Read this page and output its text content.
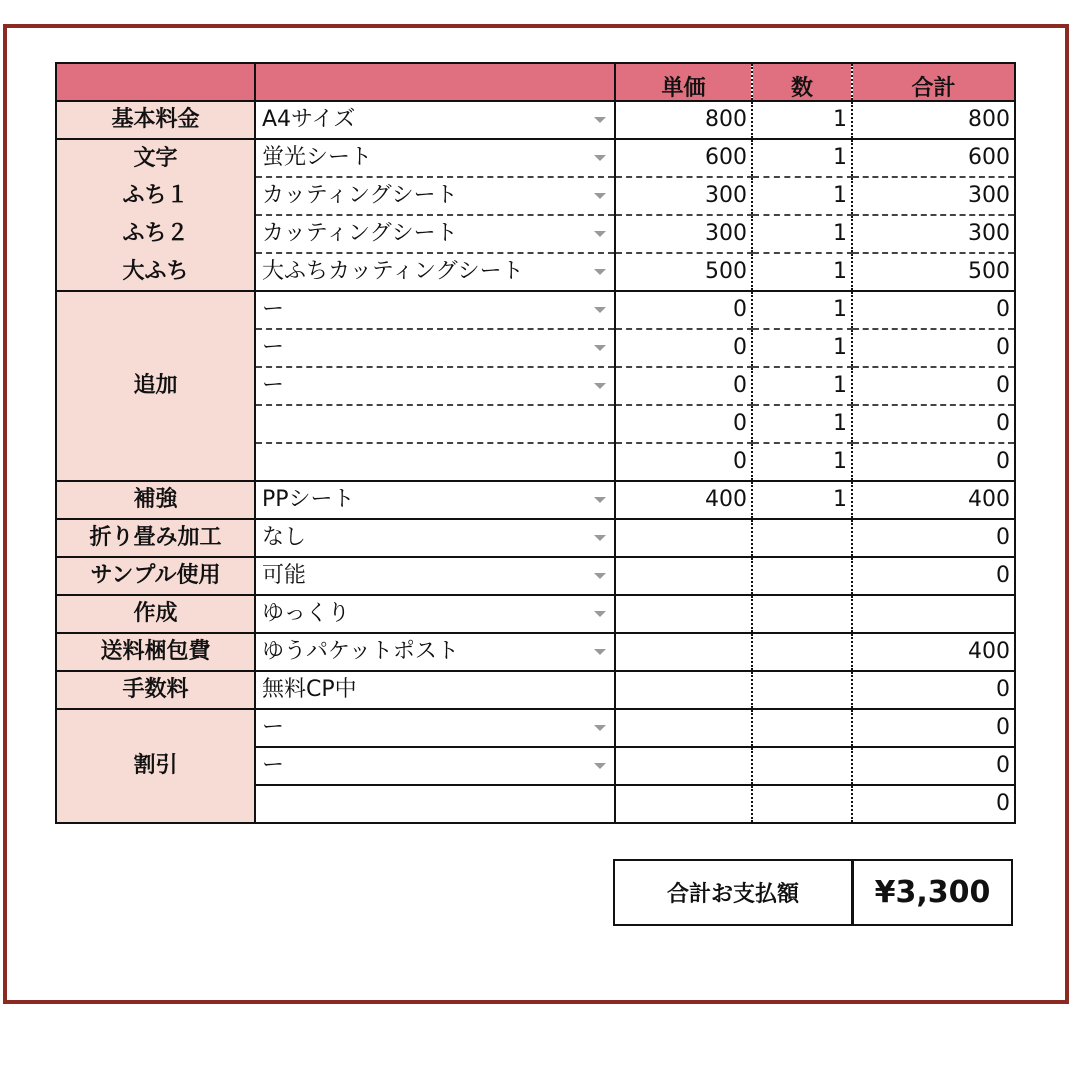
		単価	数	合計
基本料金	A4サイズ	800	1	800
文字	蛍光シート	600	1	600
ふち１	カッティングシート	300	1	300
ふち２	カッティングシート	300	1	300
大ふち	大ふちカッティングシート	500	1	500
追加	ー	0	1	0
	ー	0	1	0
	ー	0	1	0
		0	1	0
		0	1	0
補強	PPシート	400	1	400
折り畳み加工	なし			0
サンプル使用	可能			0
作成	ゆっくり

送料梱包費	ゆうパケットポスト			400
手数料	無料CP中			0
割引	ー			0
	ー			0
				0
合計お支払額	¥3,300
